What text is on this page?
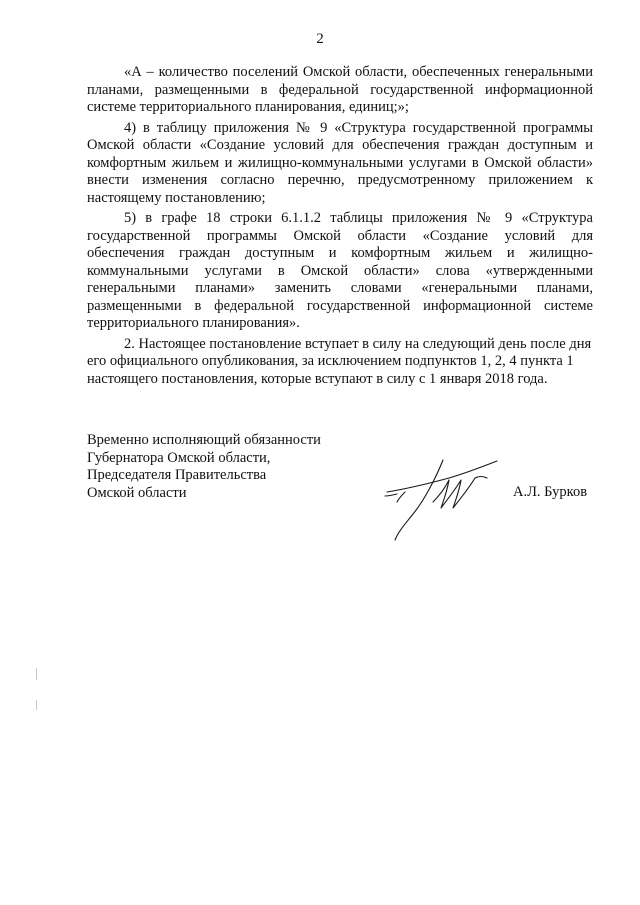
2

«А – количество поселений Омской области, обеспеченных генеральными планами, размещенными в федеральной государственной информационной системе территориального планирования, единиц;»;

4) в таблицу приложения № 9 «Структура государственной программы Омской области «Создание условий для обеспечения граждан доступным и комфортным жильем и жилищно-коммунальными услугами в Омской области» внести изменения согласно перечню, предусмотренному приложением к настоящему постановлению;

5) в графе 18 строки 6.1.1.2 таблицы приложения № 9 «Структура государственной программы Омской области «Создание условий для обеспечения граждан доступным и комфортным жильем и жилищно-коммунальными услугами в Омской области» слова «утвержденными генеральными планами» заменить словами «генеральными планами, размещенными в федеральной государственной информационной системе территориального планирования».

2. Настоящее постановление вступает в силу на следующий день после дня его официального опубликования, за исключением подпунктов 1, 2, 4 пункта 1 настоящего постановления, которые вступают в силу с 1 января 2018 года.

Временно исполняющий обязанности
Губернатора Омской области,
Председателя Правительства
Омской области	А.Л. Бурков
